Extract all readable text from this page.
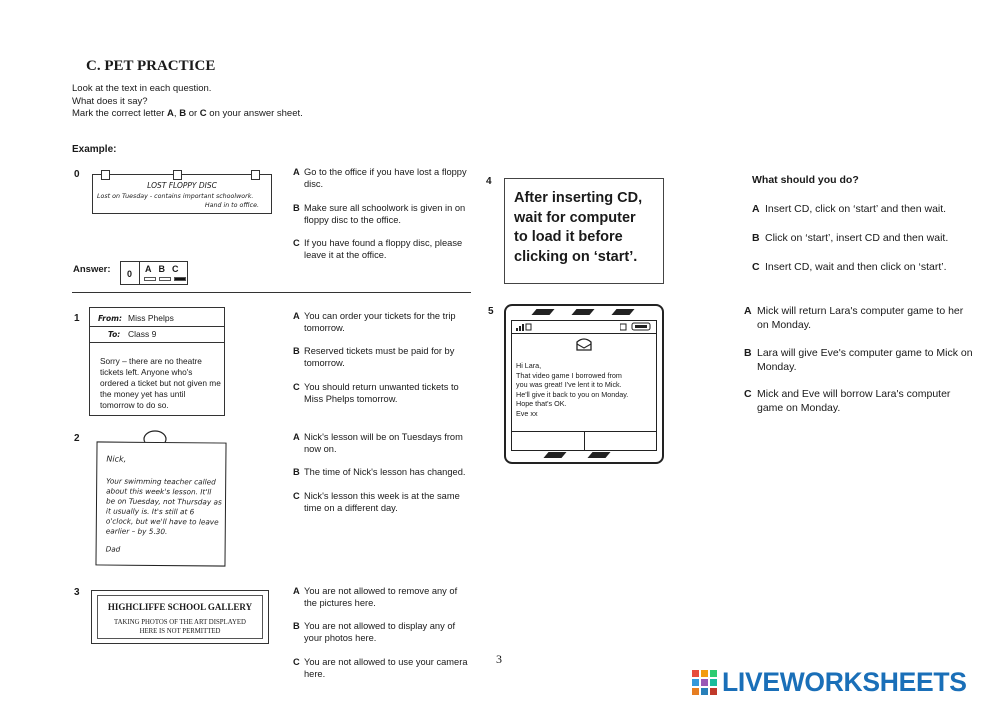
C. PET PRACTICE
Look at the text in each question.
What does it say?
Mark the correct letter A, B or C on your answer sheet.
Example:
0
LOST FLOPPY DISC
Lost on Tuesday - contains important schoolwork.
Hand in to office.
A Go to the office if you have lost a floppy disc.
B Make sure all schoolwork is given in on floppy disc to the office.
C If you have found a floppy disc, please leave it at the office.
Answer: 0 ABC
1 From: Miss Phelps
To: Class 9
Sorry – there are no theatre tickets left. Anyone who's ordered a ticket but not given me the money yet has until tomorrow to do so.
A You can order your tickets for the trip tomorrow.
B Reserved tickets must be paid for by tomorrow.
C You should return unwanted tickets to Miss Phelps tomorrow.
2
Nick,
Your swimming teacher called about this week's lesson. It'll be on Tuesday, not Thursday as it usually is. It's still at 6 o'clock, but we'll have to leave earlier – by 5.30.
Dad
A Nick's lesson will be on Tuesdays from now on.
B The time of Nick's lesson has changed.
C Nick's lesson this week is at the same time on a different day.
3
HIGHCLIFFE SCHOOL GALLERY
TAKING PHOTOS OF THE ART DISPLAYED
HERE IS NOT PERMITTED
A You are not allowed to remove any of the pictures here.
B You are not allowed to display any of your photos here.
C You are not allowed to use your camera here.
4
After inserting CD,
wait for computer
to load it before
clicking on ‘start’.
What should you do?
A Insert CD, click on ‘start’ and then wait.
B Click on ‘start’, insert CD and then wait.
C Insert CD, wait and then click on ‘start’.
5
Hi Lara,
That video game I borrowed from
you was great! I've lent it to Mick.
He'll give it back to you on Monday.
Hope that's OK.
Eve xx
A Mick will return Lara's computer game to her on Monday.
B Lara will give Eve's computer game to Mick on Monday.
C Mick and Eve will borrow Lara's computer game on Monday.
3
LIVEWORKSHEETS
